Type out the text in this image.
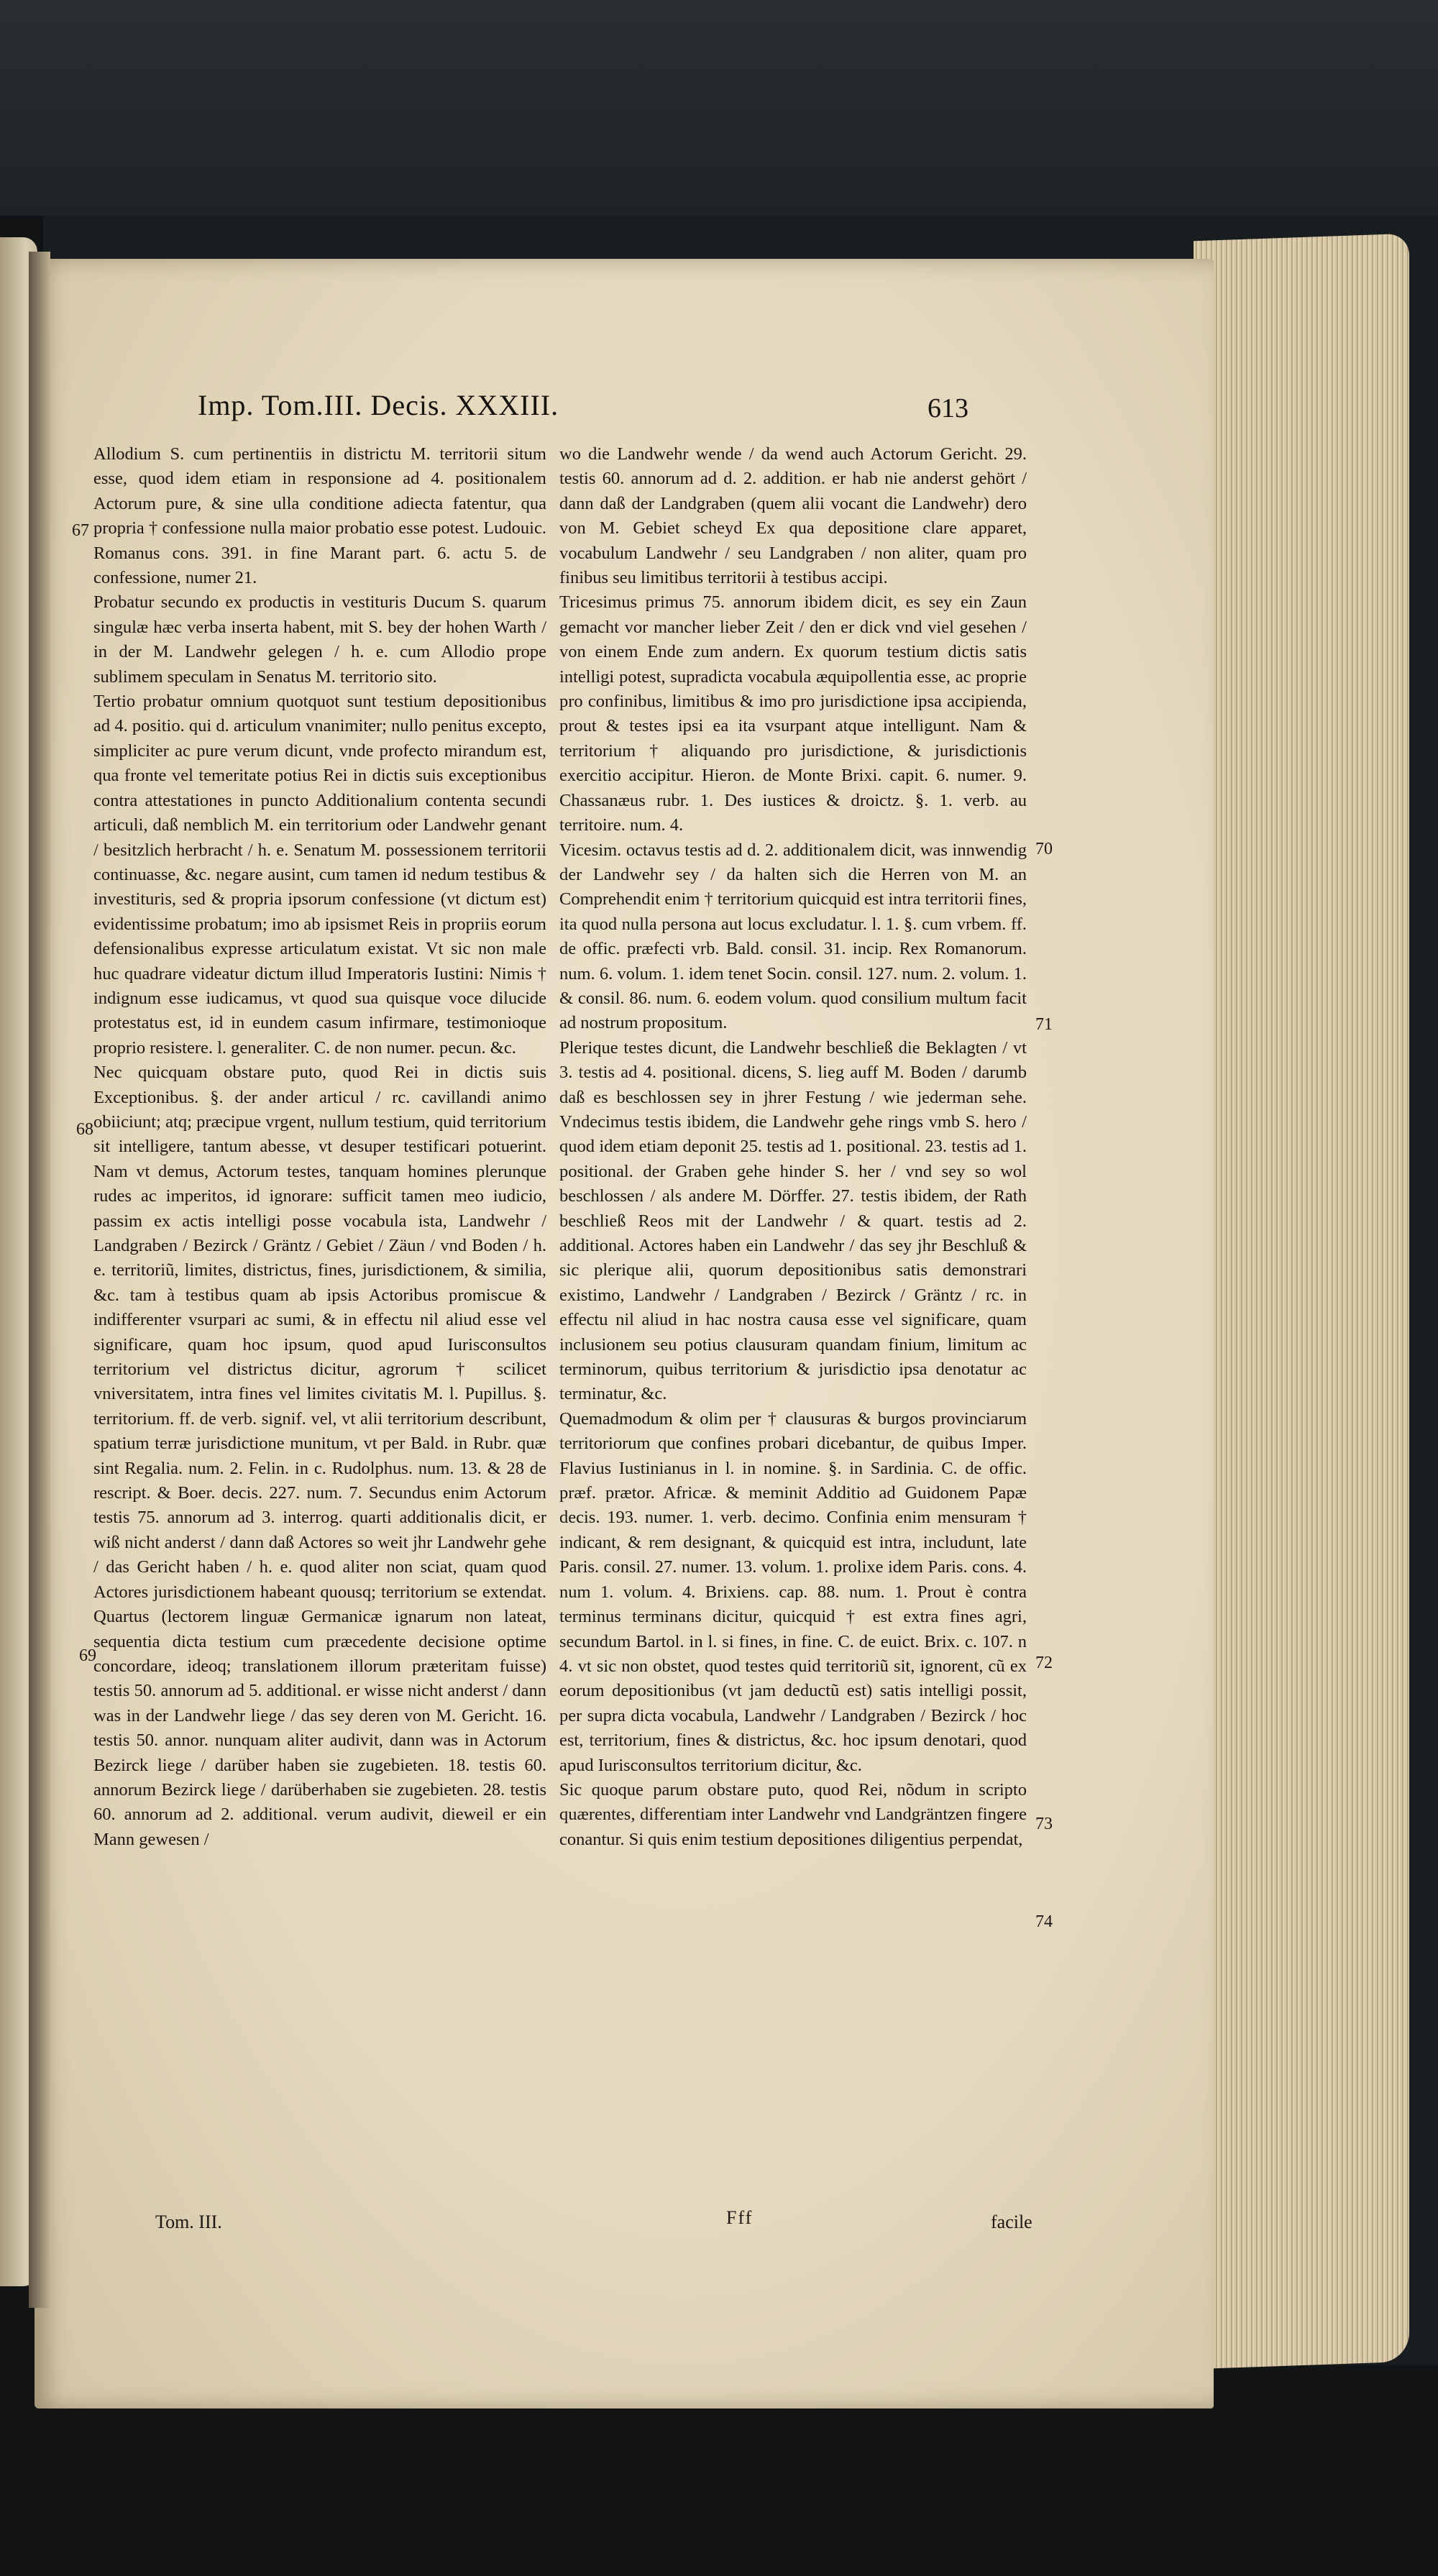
Imp. Tom.III. Decis. XXXIII.	613

Allodium S. cum pertinentiis in districtu M. territorii situm esse, quod idem etiam in responsione ad 4. positionalem Actorum pure, & sine ulla conditione adiecta fatentur, qua propria † confessione nulla maior probatio esse potest. Ludouic. Romanus cons. 391. in fine Marant part. 6. actu 5. de confessione, numer 21.

Probatur secundo ex productis in vestituris Ducum S. quarum singulæ hæc verba inserta habent, mit S. bey der hohen Warth / in der M. Landwehr gelegen / h. e. cum Allodio prope sublimem speculam in Senatus M. territorio sito.

Tertio probatur omnium quotquot sunt testium depositionibus ad 4. positio. qui d. articulum vnanimiter; nullo penitus excepto, simpliciter ac pure verum dicunt, vnde profecto mirandum est, qua fronte vel temeritate potius Rei in dictis suis exceptionibus contra attestationes in puncto Additionalium contenta secundi articuli, daß nemblich M. ein territorium oder Landwehr genant / besitzlich herbracht / h. e. Senatum M. possessionem territorii continuasse, &c. negare ausint, cum tamen id nedum testibus & investituris, sed & propria ipsorum confessione (vt dictum est) evidentissime probatum; imo ab ipsismet Reis in propriis eorum defensionalibus expresse articulatum existat. Vt sic non male huc quadrare videatur dictum illud Imperatoris Iustini: Nimis † indignum esse iudicamus, vt quod sua quisque voce dilucide protestatus est, id in eundem casum infirmare, testimonioque proprio resistere. l. generaliter. C. de non numer. pecun. &c.

Nec quicquam obstare puto, quod Rei in dictis suis Exceptionibus. §. der ander articul / rc. cavillandi animo obiiciunt; atq; præcipue vrgent, nullum testium, quid territorium sit intelligere, tantum abesse, vt desuper testificari potuerint. Nam vt demus, Actorum testes, tanquam homines plerunque rudes ac imperitos, id ignorare: sufficit tamen meo iudicio, passim ex actis intelligi posse vocabula ista, Landwehr / Landgraben / Bezirck / Gräntz / Gebiet / Zäun / vnd Boden / h. e. territoriũ, limites, districtus, fines, jurisdictionem, & similia, &c. tam à testibus quam ab ipsis Actoribus promiscue & indifferenter vsurpari ac sumi, & in effectu nil aliud esse vel significare, quam hoc ipsum, quod apud Iurisconsultos territorium vel districtus dicitur, agrorum † scilicet vniversitatem, intra fines vel limites civitatis M. l. Pupillus. §. territorium. ff. de verb. signif. vel, vt alii territorium describunt, spatium terræ jurisdictione munitum, vt per Bald. in Rubr. quæ sint Regalia. num. 2. Felin. in c. Rudolphus. num. 13. & 28 de rescript. & Boer. decis. 227. num. 7. Secundus enim Actorum testis 75. annorum ad 3. interrog. quarti additionalis dicit, er wiß nicht anderst / dann daß Actores so weit jhr Landwehr gehe / das Gericht haben / h. e. quod aliter non sciat, quam quod Actores jurisdictionem habeant quousq; territorium se extendat. Quartus (lectorem linguæ Germanicæ ignarum non lateat, sequentia dicta testium cum præcedente decisione optime concordare, ideoq; translationem illorum præteritam fuisse) testis 50. annorum ad 5. additional. er wisse nicht anderst / dann was in der Landwehr liege / das sey deren von M. Gericht. 16. testis 50. annor. nunquam aliter audivit, dann was in Actorum Bezirck liege / darüber haben sie zugebieten. 18. testis 60. annorum Bezirck liege / darüberhaben sie zugebieten. 28. testis 60. annorum ad 2. additional. verum audivit, dieweil er ein Mann gewesen /

wo die Landwehr wende / da wend auch Actorum Gericht. 29. testis 60. annorum ad d. 2. addition. er hab nie anderst gehört / dann daß der Landgraben (quem alii vocant die Landwehr) dero von M. Gebiet scheyd Ex qua depositione clare apparet, vocabulum Landwehr / seu Landgraben / non aliter, quam pro finibus seu limitibus territorii à testibus accipi.

Tricesimus primus 75. annorum ibidem dicit, es sey ein Zaun gemacht vor mancher lieber Zeit / den er dick vnd viel gesehen / von einem Ende zum andern. Ex quorum testium dictis satis intelligi potest, supradicta vocabula æquipollentia esse, ac proprie pro confinibus, limitibus & imo pro jurisdictione ipsa accipienda, prout & testes ipsi ea ita vsurpant atque intelligunt. Nam & territorium † aliquando pro jurisdictione, & jurisdictionis exercitio accipitur. Hieron. de Monte Brixi. capit. 6. numer. 9. Chassanæus rubr. 1. Des iustices & droictz. §. 1. verb. au territoire. num. 4.

Vicesim. octavus testis ad d. 2. additionalem dicit, was innwendig der Landwehr sey / da halten sich die Herren von M. an Comprehendit enim † territorium quicquid est intra territorii fines, ita quod nulla persona aut locus excludatur. l. 1. §. cum vrbem. ff. de offic. præfecti vrb. Bald. consil. 31. incip. Rex Romanorum. num. 6. volum. 1. idem tenet Socin. consil. 127. num. 2. volum. 1. & consil. 86. num. 6. eodem volum. quod consilium multum facit ad nostrum propositum.

Plerique testes dicunt, die Landwehr beschließ die Beklagten / vt 3. testis ad 4. positional. dicens, S. lieg auff M. Boden / darumb daß es beschlossen sey in jhrer Festung / wie jederman sehe. Vndecimus testis ibidem, die Landwehr gehe rings vmb S. hero / quod idem etiam deponit 25. testis ad 1. positional. 23. testis ad 1. positional. der Graben gehe hinder S. her / vnd sey so wol beschlossen / als andere M. Dörffer. 27. testis ibidem, der Rath beschließ Reos mit der Landwehr / & quart. testis ad 2. additional. Actores haben ein Landwehr / das sey jhr Beschluß & sic plerique alii, quorum depositionibus satis demonstrari existimo, Landwehr / Landgraben / Bezirck / Gräntz / rc. in effectu nil aliud in hac nostra causa esse vel significare, quam inclusionem seu potius clausuram quandam finium, limitum ac terminorum, quibus territorium & jurisdictio ipsa denotatur ac terminatur, &c.

Quemadmodum & olim per † clausuras & burgos provinciarum territoriorum que confines probari dicebantur, de quibus Imper. Flavius Iustinianus in l. in nomine. §. in Sardinia. C. de offic. præf. prætor. Africæ. & meminit Additio ad Guidonem Papæ decis. 193. numer. 1. verb. decimo. Confinia enim mensuram † indicant, & rem designant, & quicquid est intra, includunt, late Paris. consil. 27. numer. 13. volum. 1. prolixe idem Paris. cons. 4. num 1. volum. 4. Brixiens. cap. 88. num. 1. Prout è contra terminus terminans dicitur, quicquid † est extra fines agri, secundum Bartol. in l. si fines, in fine. C. de euict. Brix. c. 107. n 4. vt sic non obstet, quod testes quid territoriũ sit, ignorent, cũ ex eorum depositionibus (vt jam deductũ est) satis intelligi possit, per supra dicta vocabula, Landwehr / Landgraben / Bezirck / hoc est, territorium, fines & districtus, &c. hoc ipsum denotari, quod apud Iurisconsultos territorium dicitur, &c.

Sic quoque parum obstare puto, quod Rei, nõdum in scripto quærentes, differentiam inter Landwehr vnd Landgräntzen fingere conantur. Si quis enim testium depositiones diligentius perpendat,

67
68
69
70
71
72
73
74
Tom. III.	Fff	facile
